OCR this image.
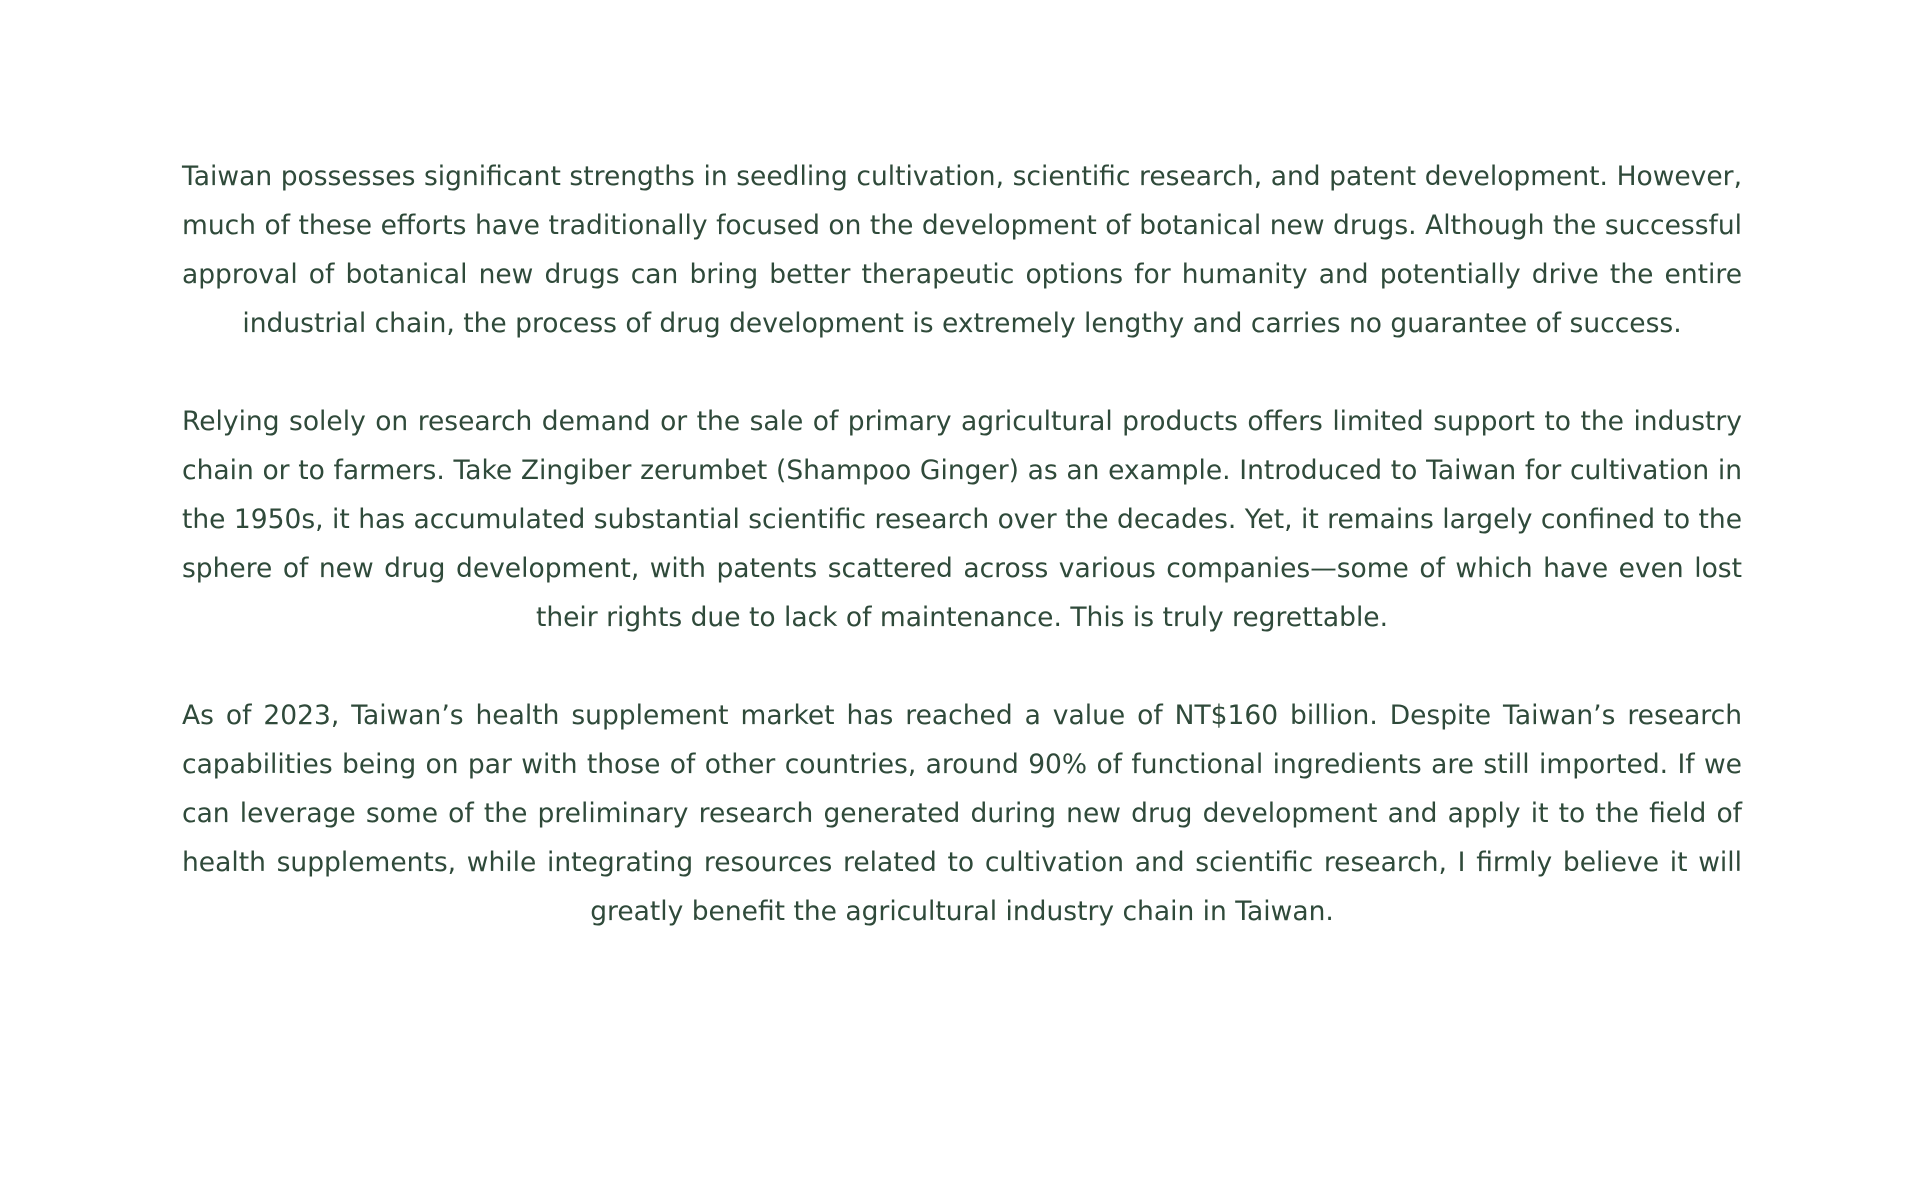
Taiwan possesses significant strengths in seedling cultivation, scientific research, and patent development. However, much of these efforts have traditionally focused on the development of botanical new drugs. Although the successful approval of botanical new drugs can bring better therapeutic options for humanity and potentially drive the entire industrial chain, the process of drug development is extremely lengthy and carries no guarantee of success.

Relying solely on research demand or the sale of primary agricultural products offers limited support to the industry chain or to farmers. Take Zingiber zerumbet (Shampoo Ginger) as an example. Introduced to Taiwan for cultivation in the 1950s, it has accumulated substantial scientific research over the decades. Yet, it remains largely confined to the sphere of new drug development, with patents scattered across various companies—some of which have even lost their rights due to lack of maintenance. This is truly regrettable.

As of 2023, Taiwan’s health supplement market has reached a value of NT$160 billion. Despite Taiwan’s research capabilities being on par with those of other countries, around 90% of functional ingredients are still imported. If we can leverage some of the preliminary research generated during new drug development and apply it to the field of health supplements, while integrating resources related to cultivation and scientific research, I firmly believe it will greatly benefit the agricultural industry chain in Taiwan.
